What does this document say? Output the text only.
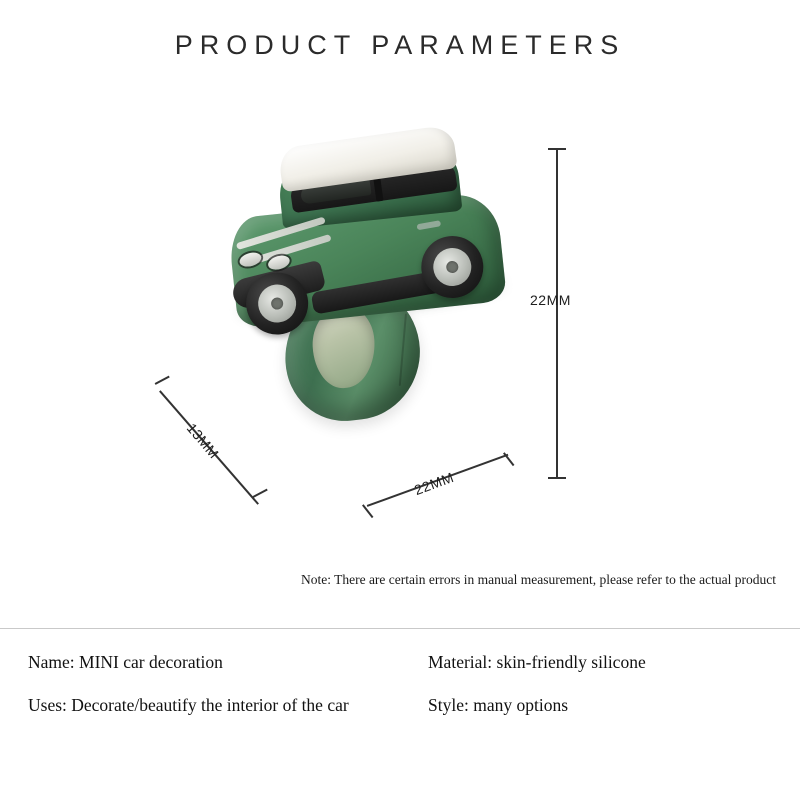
PRODUCT PARAMETERS
22MM
13MM
22MM
Note: There are certain errors in manual measurement, please refer to the actual product
Name: MINI car decoration	Material: skin-friendly silicone
Uses: Decorate/beautify the interior of the car	Style: many options
